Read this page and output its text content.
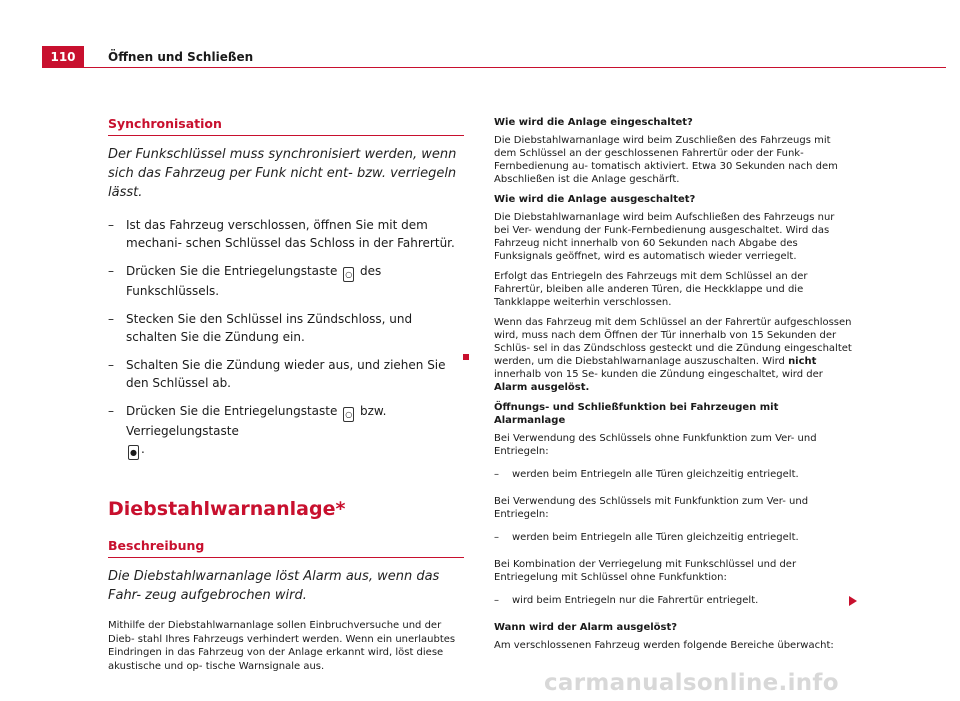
110	Öffnen und Schließen
Synchronisation

Der Funkschlüssel muss synchronisiert werden, wenn sich das Fahrzeug per Funk nicht ent- bzw. verriegeln lässt.

– Ist das Fahrzeug verschlossen, öffnen Sie mit dem mechani- schen Schlüssel das Schloss in der Fahrertür.
– Drücken Sie die Entriegelungstaste ○ des Funkschlüssels.
– Stecken Sie den Schlüssel ins Zündschloss, und schalten Sie die Zündung ein.
– Schalten Sie die Zündung wieder aus, und ziehen Sie den Schlüssel ab.
– Drücken Sie die Entriegelungstaste ○ bzw. Verriegelungstaste
● .
Diebstahlwarnanlage*
Beschreibung

Die Diebstahlwarnanlage löst Alarm aus, wenn das Fahr- zeug aufgebrochen wird.

Mithilfe der Diebstahlwarnanlage sollen Einbruchversuche und der Dieb- stahl Ihres Fahrzeugs verhindert werden. Wenn ein unerlaubtes Eindringen in das Fahrzeug von der Anlage erkannt wird, löst diese akustische und op- tische Warnsignale aus.

Wie wird die Anlage eingeschaltet?

Die Diebstahlwarnanlage wird beim Zuschließen des Fahrzeugs mit dem Schlüssel an der geschlossenen Fahrertür oder der Funk-Fernbedienung au- tomatisch aktiviert. Etwa 30 Sekunden nach dem Abschließen ist die Anlage geschärft.

Wie wird die Anlage ausgeschaltet?

Die Diebstahlwarnanlage wird beim Aufschließen des Fahrzeugs nur bei Ver- wendung der Funk-Fernbedienung ausgeschaltet. Wird das Fahrzeug nicht innerhalb von 60 Sekunden nach Abgabe des Funksignals geöffnet, wird es automatisch wieder verriegelt.

Erfolgt das Entriegeln des Fahrzeugs mit dem Schlüssel an der Fahrertür, bleiben alle anderen Türen, die Heckklappe und die Tankklappe weiterhin verschlossen.

Wenn das Fahrzeug mit dem Schlüssel an der Fahrertür aufgeschlossen wird, muss nach dem Öffnen der Tür innerhalb von 15 Sekunden der Schlüs- sel in das Zündschloss gesteckt und die Zündung eingeschaltet werden, um die Diebstahlwarnanlage auszuschalten. Wird nicht innerhalb von 15 Se- kunden die Zündung eingeschaltet, wird der Alarm ausgelöst.

Öffnungs- und Schließfunktion bei Fahrzeugen mit Alarmanlage

Bei Verwendung des Schlüssels ohne Funkfunktion zum Ver- und Entriegeln:

– werden beim Entriegeln alle Türen gleichzeitig entriegelt.

Bei Verwendung des Schlüssels mit Funkfunktion zum Ver- und Entriegeln:

– werden beim Entriegeln alle Türen gleichzeitig entriegelt.

Bei Kombination der Verriegelung mit Funkschlüssel und der Entriegelung mit Schlüssel ohne Funkfunktion:

– wird beim Entriegeln nur die Fahrertür entriegelt.

Wann wird der Alarm ausgelöst?

Am verschlossenen Fahrzeug werden folgende Bereiche überwacht:

carmanualsonline.info
